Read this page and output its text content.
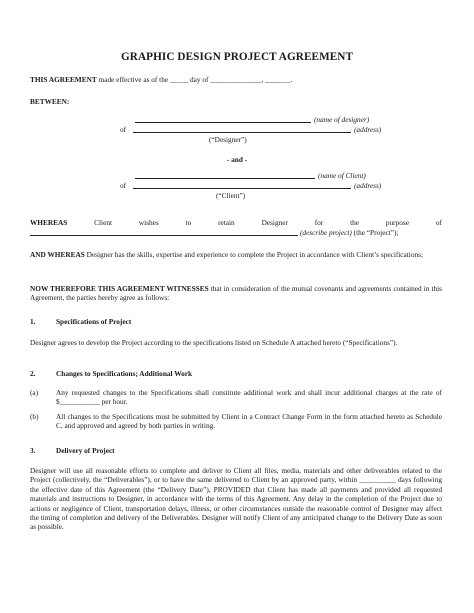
GRAPHIC DESIGN PROJECT AGREEMENT
THIS AGREEMENT made effective as of the _____ day of ______________, _______.
BETWEEN:
(name of designer)
of	(address)
(“Designer”)
- and -
(name of Client)
of	(address)
(“Client”)
WHEREAS	Client	wishes	to	retain	Designer	for	the	purpose	of
(describe project) (the “Project”);
AND WHEREAS Designer has the skills, expertise and experience to complete the Project in accordance with Client’s specifications;
NOW THEREFORE THIS AGREEMENT WITNESSES that in consideration of the mutual covenants and agreements contained in this Agreement, the parties hereby agree as follows:
1.	Specifications of Project
Designer agrees to develop the Project according to the specifications listed on Schedule A attached hereto (“Specifications”).
2.	Changes to Specifications; Additional Work
(a) Any requested changes to the Specifications shall constitute additional work and shall incur additional charges at the rate of $___________ per hour.
(b) All changes to the Specifications must be submitted by Client in a Contract Change Form in the form attached hereto as Schedule C, and approved and agreed by both parties in writing.
3.	Delivery of Project
Designer will use all reasonable efforts to complete and deliver to Client all files, media, materials and other deliverables related to the Project (collectively, the “Deliverables”), or to have the same delivered to Client by an approved party, within __________ days following the effective date of this Agreement (the “Delivery Date”), PROVIDED that Client has made all payments and provided all requested materials and instructions to Designer, in accordance with the terms of this Agreement. Any delay in the completion of the Project due to actions or negligence of Client, transportation delays, illness, or other circumstances outside the reasonable control of Designer may affect the timing of completion and delivery of the Deliverables. Designer will notify Client of any anticipated change to the Delivery Date as soon as possible.
